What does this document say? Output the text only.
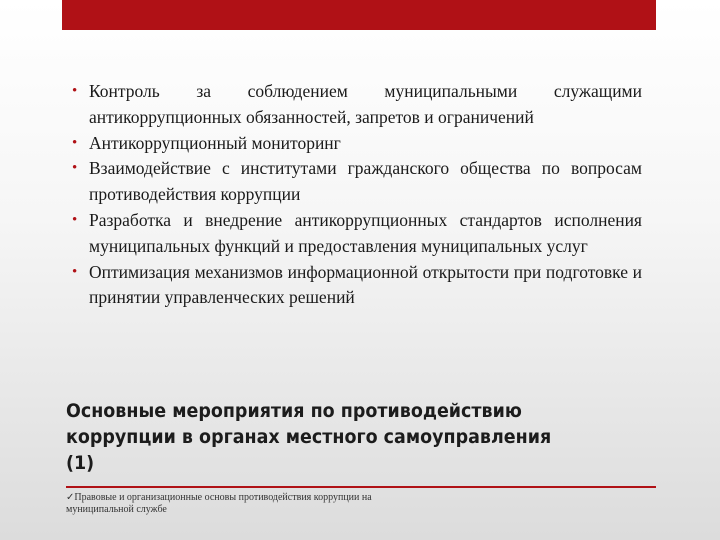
• Контроль за соблюдением муниципальными служащими антикоррупционных обязанностей, запретов и ограничений
• Антикоррупционный мониторинг
• Взаимодействие с институтами гражданского общества по вопросам противодействия коррупции
• Разработка и внедрение антикоррупционных стандартов исполнения муниципальных функций и предоставления муниципальных услуг
• Оптимизация механизмов информационной открытости при подготовке и принятии управленческих решений
Основные мероприятия по противодействию
коррупции в органах местного самоуправления
(1)
✓Правовые и организационные основы противодействия коррупции на муниципальной службе
